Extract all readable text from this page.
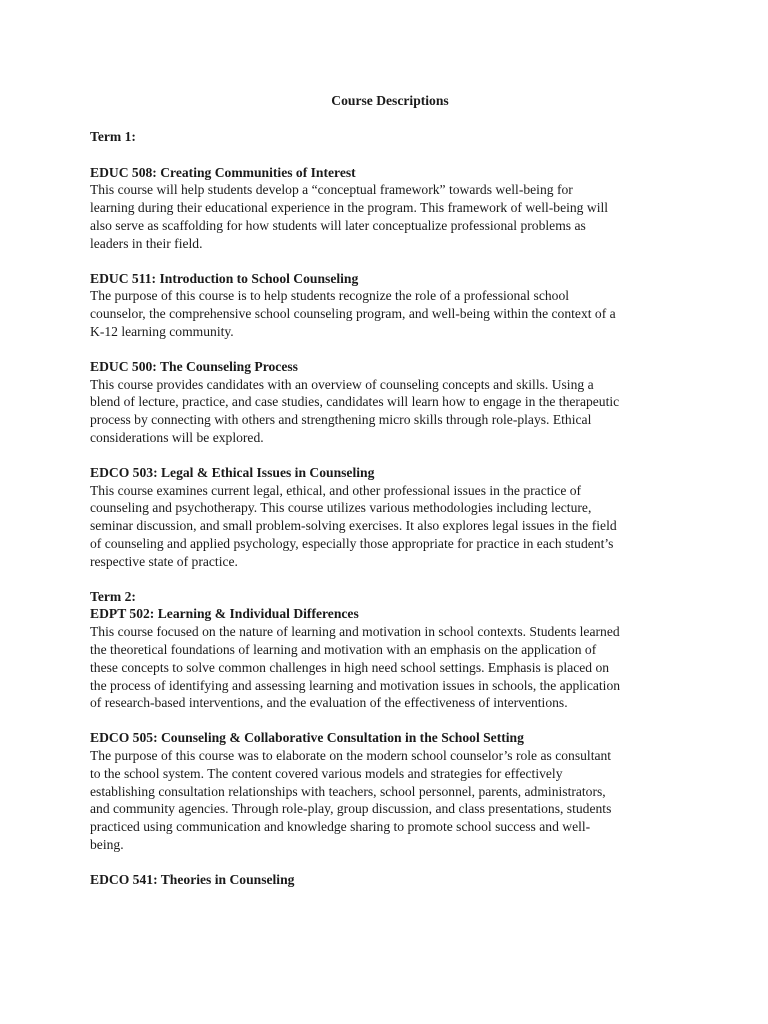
Course Descriptions
Term 1:
EDUC 508: Creating Communities of Interest
This course will help students develop a “conceptual framework” towards well-being for
learning during their educational experience in the program. This framework of well-being will
also serve as scaffolding for how students will later conceptualize professional problems as
leaders in their field.
EDUC 511: Introduction to School Counseling
The purpose of this course is to help students recognize the role of a professional school
counselor, the comprehensive school counseling program, and well-being within the context of a
K-12 learning community.
EDUC 500: The Counseling Process
This course provides candidates with an overview of counseling concepts and skills. Using a
blend of lecture, practice, and case studies, candidates will learn how to engage in the therapeutic
process by connecting with others and strengthening micro skills through role-plays. Ethical
considerations will be explored.
EDCO 503: Legal & Ethical Issues in Counseling
This course examines current legal, ethical, and other professional issues in the practice of
counseling and psychotherapy. This course utilizes various methodologies including lecture,
seminar discussion, and small problem-solving exercises. It also explores legal issues in the field
of counseling and applied psychology, especially those appropriate for practice in each student’s
respective state of practice.
Term 2:
EDPT 502: Learning & Individual Differences
This course focused on the nature of learning and motivation in school contexts. Students learned
the theoretical foundations of learning and motivation with an emphasis on the application of
these concepts to solve common challenges in high need school settings. Emphasis is placed on
the process of identifying and assessing learning and motivation issues in schools, the application
of research-based interventions, and the evaluation of the effectiveness of interventions.
EDCO 505: Counseling & Collaborative Consultation in the School Setting
The purpose of this course was to elaborate on the modern school counselor’s role as consultant
to the school system. The content covered various models and strategies for effectively
establishing consultation relationships with teachers, school personnel, parents, administrators,
and community agencies. Through role-play, group discussion, and class presentations, students
practiced using communication and knowledge sharing to promote school success and well-
being.
EDCO 541: Theories in Counseling
